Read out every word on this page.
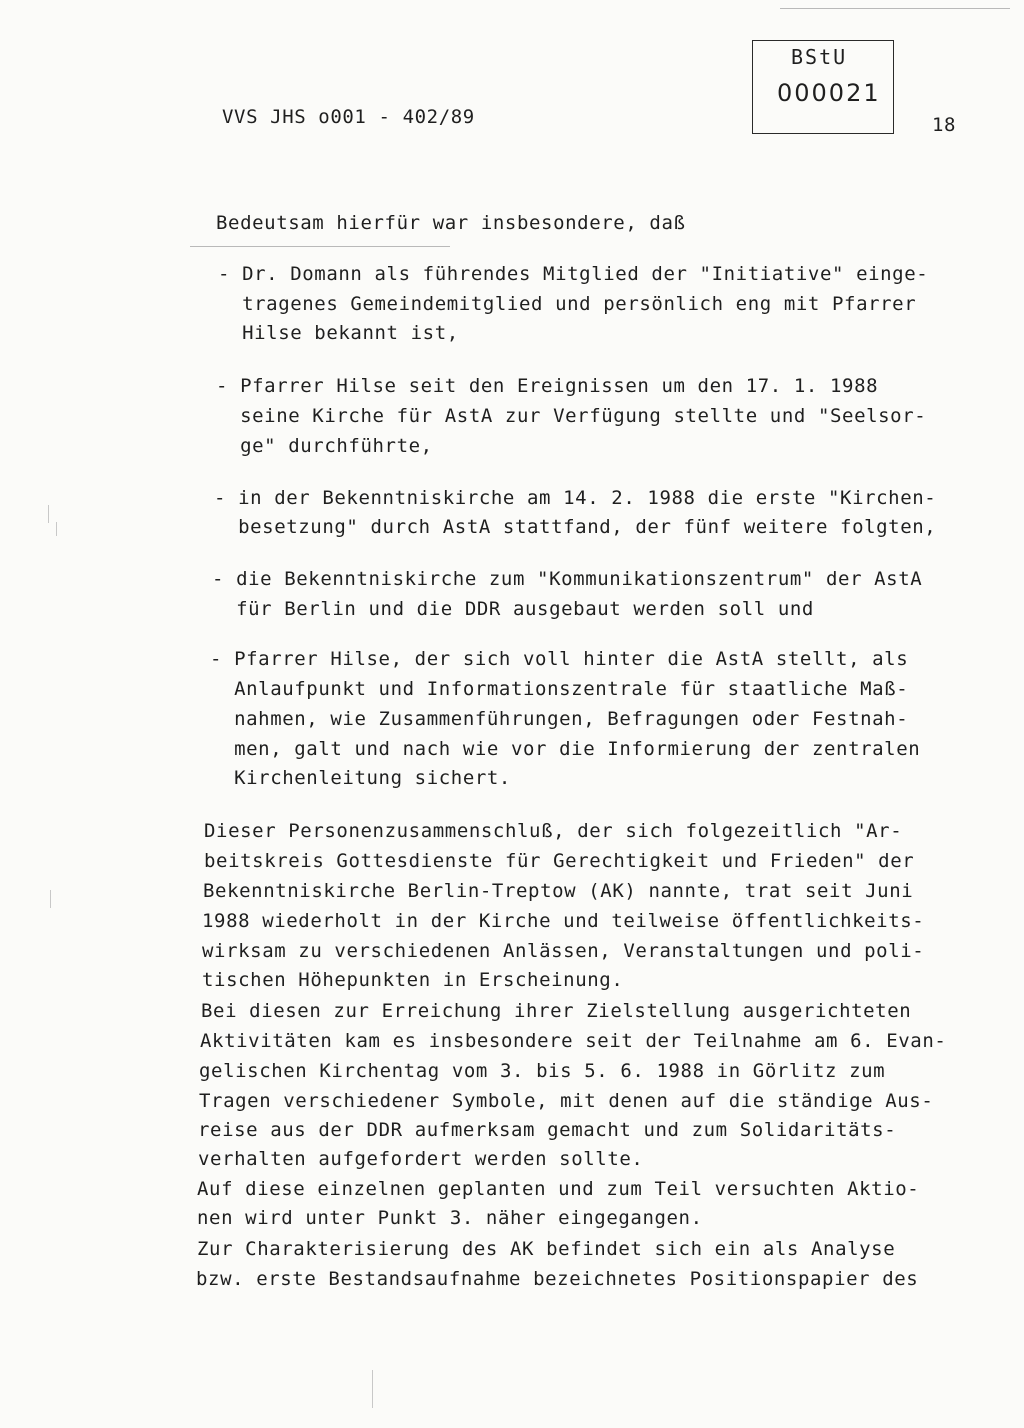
VVS JHS o001 - 402/89	18
BStU
000021
Bedeutsam hierfür war insbesondere, daß
- Dr. Domann als führendes Mitglied der "Initiative" einge-
tragenes Gemeindemitglied und persönlich eng mit Pfarrer
Hilse bekannt ist,
- Pfarrer Hilse seit den Ereignissen um den 17. 1. 1988
seine Kirche für AstA zur Verfügung stellte und "Seelsor-
ge" durchführte,
- in der Bekenntniskirche am 14. 2. 1988 die erste "Kirchen-
besetzung" durch AstA stattfand, der fünf weitere folgten,
- die Bekenntniskirche zum "Kommunikationszentrum" der AstA
für Berlin und die DDR ausgebaut werden soll und
- Pfarrer Hilse, der sich voll hinter die AstA stellt, als
Anlaufpunkt und Informationszentrale für staatliche Maß-
nahmen, wie Zusammenführungen, Befragungen oder Festnah-
men, galt und nach wie vor die Informierung der zentralen
Kirchenleitung sichert.
Dieser Personenzusammenschluß, der sich folgezeitlich "Ar-
beitskreis Gottesdienste für Gerechtigkeit und Frieden" der
Bekenntniskirche Berlin-Treptow (AK) nannte, trat seit Juni
1988 wiederholt in der Kirche und teilweise öffentlichkeits-
wirksam zu verschiedenen Anlässen, Veranstaltungen und poli-
tischen Höhepunkten in Erscheinung.
Bei diesen zur Erreichung ihrer Zielstellung ausgerichteten
Aktivitäten kam es insbesondere seit der Teilnahme am 6. Evan-
gelischen Kirchentag vom 3. bis 5. 6. 1988 in Görlitz zum
Tragen verschiedener Symbole, mit denen auf die ständige Aus-
reise aus der DDR aufmerksam gemacht und zum Solidaritäts-
verhalten aufgefordert werden sollte.
Auf diese einzelnen geplanten und zum Teil versuchten Aktio-
nen wird unter Punkt 3. näher eingegangen.
Zur Charakterisierung des AK befindet sich ein als Analyse
bzw. erste Bestandsaufnahme bezeichnetes Positionspapier des
